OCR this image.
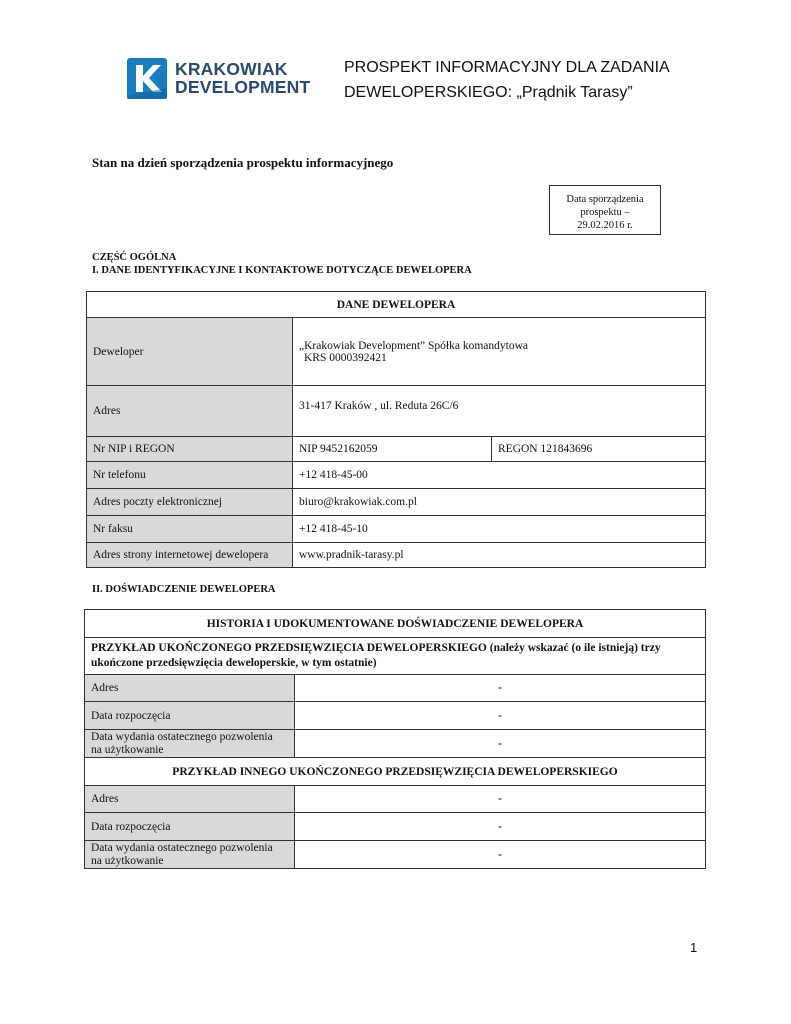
KRAKOWIAK
DEVELOPMENT
PROSPEKT INFORMACYJNY DLA ZADANIA
DEWELOPERSKIEGO: „Prądnik Tarasy”
Stan na dzień sporządzenia prospektu informacyjnego
Data sporządzenia
prospektu –
29.02.2016 r.
CZĘŚĆ OGÓLNA
I. DANE IDENTYFIKACYJNE I KONTAKTOWE DOTYCZĄCE DEWELOPERA
DANE DEWELOPERA		
Deweloper	„Krakowiak Development” Spółka komandytowa
KRS 0000392421	

Adres	31-417 Kraków , ul. Reduta 26C/6	
Nr NIP i REGON	NIP 9452162059	REGON 121843696
Nr telefonu	+12 418-45-00	
Adres poczty elektronicznej	biuro@krakowiak.com.pl	
Nr faksu	+12 418-45-10	
Adres strony internetowej dewelopera	www.pradnik-tarasy.pl	
II. DOŚWIADCZENIE DEWELOPERA
HISTORIA I UDOKUMENTOWANE DOŚWIADCZENIE DEWELOPERA	
PRZYKŁAD UKOŃCZONEGO PRZEDSIĘWZIĘCIA DEWELOPERSKIEGO (należy wskazać (o ile istnieją) trzy ukończone przedsięwzięcia deweloperskie, w tym ostatnie)	
Adres	-
Data rozpoczęcia	-

Data wydania ostatecznego pozwolenia
na użytkowanie	-
PRZYKŁAD INNEGO UKOŃCZONEGO PRZEDSIĘWZIĘCIA DEWELOPERSKIEGO	
Adres	-
Data rozpoczęcia	-

Data wydania ostatecznego pozwolenia
na użytkowanie	-
1
